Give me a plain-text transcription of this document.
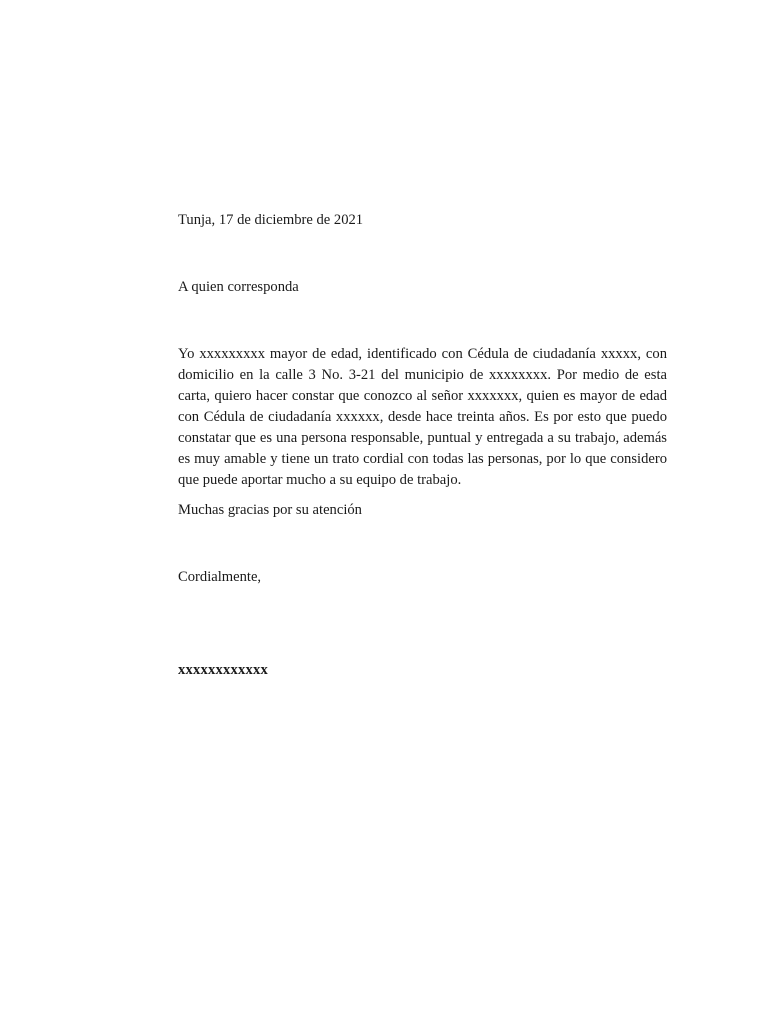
Tunja, 17 de diciembre de 2021
A quien corresponda

Yo xxxxxxxxx mayor de edad, identificado con Cédula de ciudadanía xxxxx, con domicilio en la calle 3 No. 3-21 del municipio de xxxxxxxx. Por medio de esta carta, quiero hacer constar que conozco al señor xxxxxxx, quien es mayor de edad con Cédula de ciudadanía xxxxxx, desde hace treinta años. Es por esto que puedo constatar que es una persona responsable, puntual y entregada a su trabajo, además es muy amable y tiene un trato cordial con todas las personas, por lo que considero que puede aportar mucho a su equipo de trabajo.

Muchas gracias por su atención
Cordialmente,
xxxxxxxxxxxx
